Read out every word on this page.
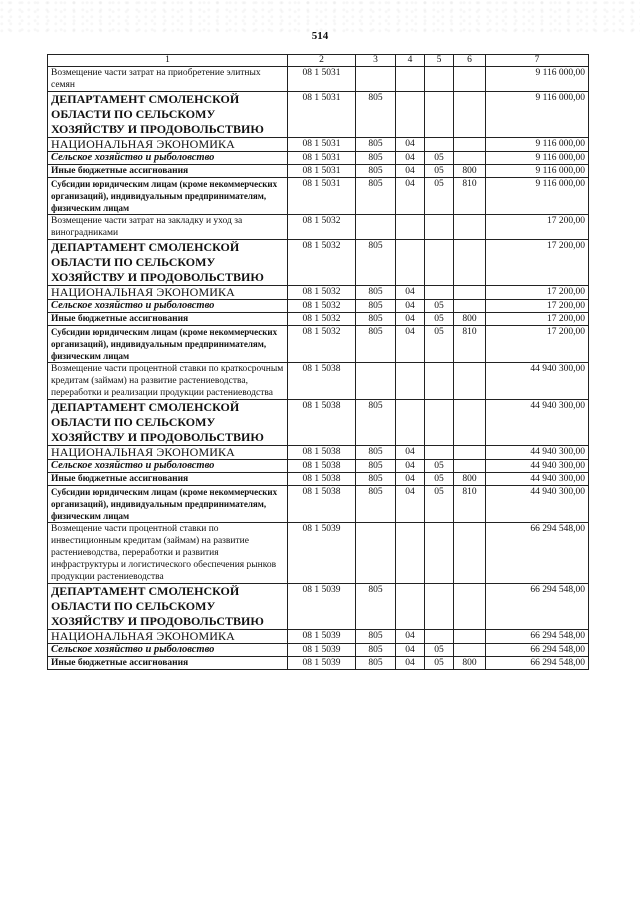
514
1	2	3	4	5	6	7
Возмещение части затрат на приобретение элитных семян	08 1 5031					9 116 000,00
ДЕПАРТАМЕНТ СМОЛЕНСКОЙ ОБЛАСТИ ПО СЕЛЬСКОМУ ХОЗЯЙСТВУ И ПРОДОВОЛЬСТВИЮ	08 1 5031	805				9 116 000,00
НАЦИОНАЛЬНАЯ ЭКОНОМИКА	08 1 5031	805	04			9 116 000,00
Сельское хозяйство и рыболовство	08 1 5031	805	04	05		9 116 000,00
Иные бюджетные ассигнования	08 1 5031	805	04	05	800	9 116 000,00
Субсидии юридическим лицам (кроме некоммерческих организаций), индивидуальным предпринимателям, физическим лицам	08 1 5031	805	04	05	810	9 116 000,00
Возмещение части затрат на закладку и уход за виноградниками	08 1 5032					17 200,00
ДЕПАРТАМЕНТ СМОЛЕНСКОЙ ОБЛАСТИ ПО СЕЛЬСКОМУ ХОЗЯЙСТВУ И ПРОДОВОЛЬСТВИЮ	08 1 5032	805				17 200,00
НАЦИОНАЛЬНАЯ ЭКОНОМИКА	08 1 5032	805	04			17 200,00
Сельское хозяйство и рыболовство	08 1 5032	805	04	05		17 200,00
Иные бюджетные ассигнования	08 1 5032	805	04	05	800	17 200,00
Субсидии юридическим лицам (кроме некоммерческих организаций), индивидуальным предпринимателям, физическим лицам	08 1 5032	805	04	05	810	17 200,00
Возмещение части процентной ставки по краткосрочным кредитам (займам) на развитие растениеводства, переработки и реализации продукции растениеводства	08 1 5038					44 940 300,00
ДЕПАРТАМЕНТ СМОЛЕНСКОЙ ОБЛАСТИ ПО СЕЛЬСКОМУ ХОЗЯЙСТВУ И ПРОДОВОЛЬСТВИЮ	08 1 5038	805				44 940 300,00
НАЦИОНАЛЬНАЯ ЭКОНОМИКА	08 1 5038	805	04			44 940 300,00
Сельское хозяйство и рыболовство	08 1 5038	805	04	05		44 940 300,00
Иные бюджетные ассигнования	08 1 5038	805	04	05	800	44 940 300,00
Субсидии юридическим лицам (кроме некоммерческих организаций), индивидуальным предпринимателям, физическим лицам	08 1 5038	805	04	05	810	44 940 300,00
Возмещение части процентной ставки по инвестиционным кредитам (займам) на развитие растениеводства, переработки и развития инфраструктуры и логистического обеспечения рынков продукции растениеводства	08 1 5039					66 294 548,00
ДЕПАРТАМЕНТ СМОЛЕНСКОЙ ОБЛАСТИ ПО СЕЛЬСКОМУ ХОЗЯЙСТВУ И ПРОДОВОЛЬСТВИЮ	08 1 5039	805				66 294 548,00
НАЦИОНАЛЬНАЯ ЭКОНОМИКА	08 1 5039	805	04			66 294 548,00
Сельское хозяйство и рыболовство	08 1 5039	805	04	05		66 294 548,00
Иные бюджетные ассигнования	08 1 5039	805	04	05	800	66 294 548,00
